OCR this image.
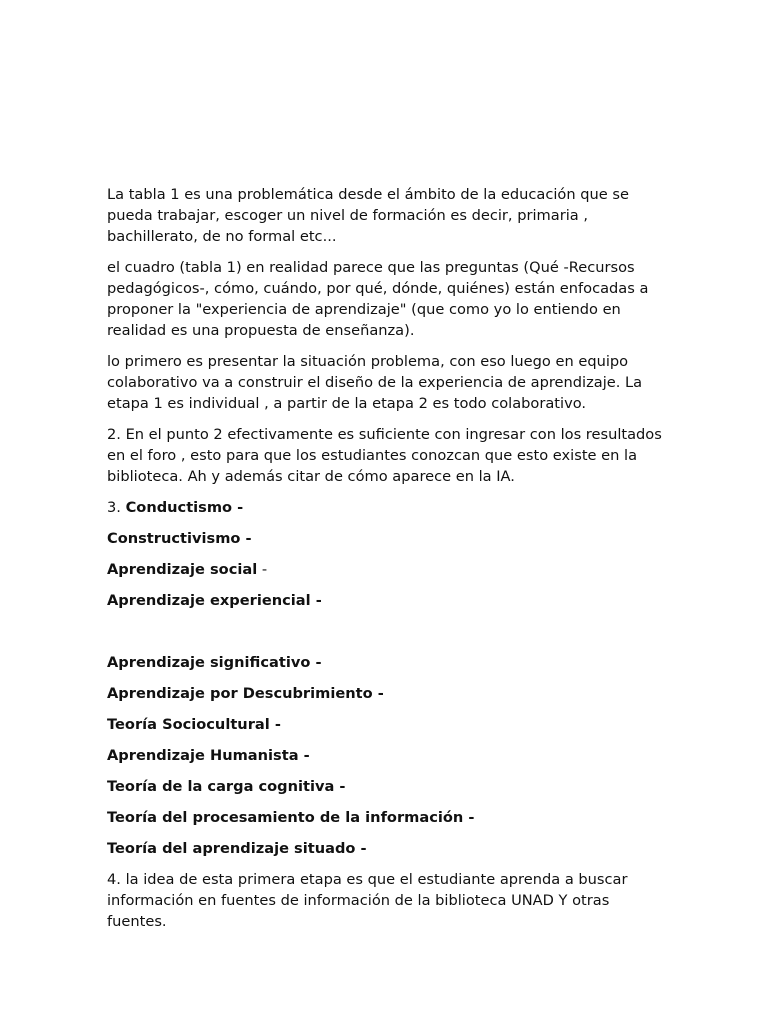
La tabla 1 es una problemática desde el ámbito de la educación que se pueda trabajar, escoger un nivel de formación es decir, primaria , bachillerato, de no formal etc...

el cuadro (tabla 1) en realidad parece que las preguntas (Qué -Recursos pedagógicos-, cómo, cuándo, por qué, dónde, quiénes) están enfocadas a proponer la "experiencia de aprendizaje" (que como yo lo entiendo en realidad es una propuesta de enseñanza).

lo primero es presentar la situación problema, con eso luego en equipo colaborativo va a construir el diseño de la experiencia de aprendizaje. La etapa 1 es individual , a partir de la etapa 2 es todo colaborativo.

2. En el punto 2 efectivamente es suficiente con ingresar con los resultados en el foro , esto para que los estudiantes conozcan que esto existe en la biblioteca. Ah y además citar de cómo aparece en la IA.

3. Conductismo -

Constructivismo -

Aprendizaje social -

Aprendizaje experiencial -

Aprendizaje significativo -

Aprendizaje por Descubrimiento -

Teoría Sociocultural -

Aprendizaje Humanista -

Teoría de la carga cognitiva -

Teoría del procesamiento de la información -

Teoría del aprendizaje situado -

4. la idea de esta primera etapa es que el estudiante aprenda a buscar información en fuentes de información de la biblioteca UNAD Y otras fuentes.
